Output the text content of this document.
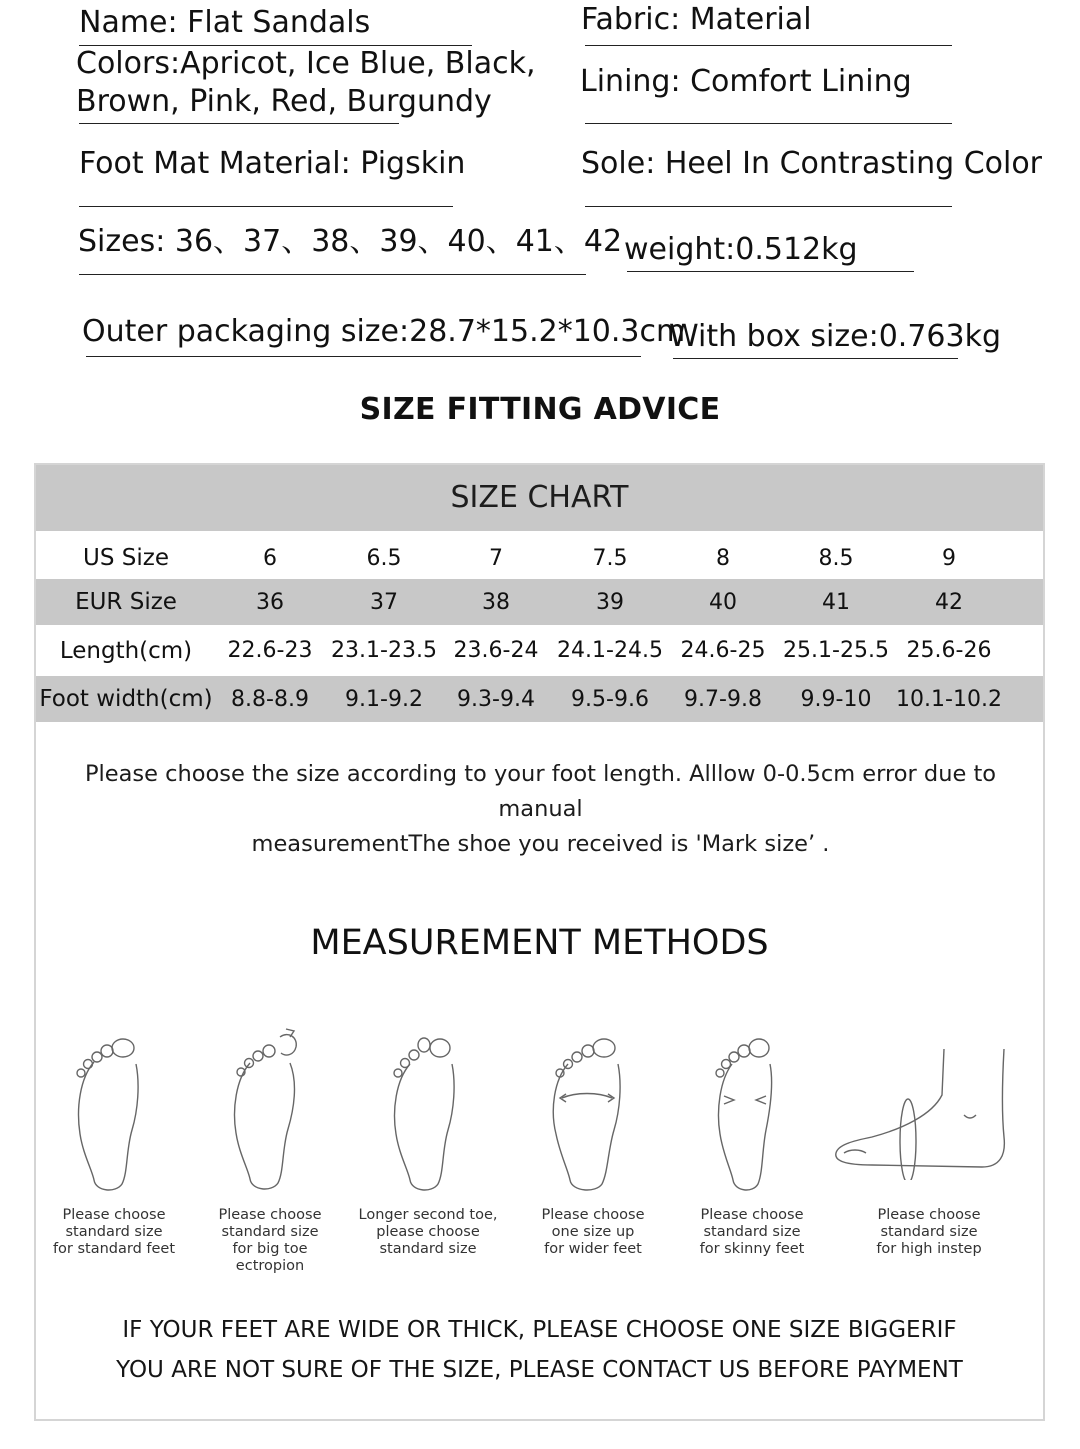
Name: Flat Sandals	Fabric: Material
Colors:Apricot, Ice Blue, Black,
Brown, Pink, Red, Burgundy
Lining: Comfort Lining
Foot Mat Material: Pigskin	Sole: Heel In Contrasting Color
Sizes: 36、37、38、39、40、41、42 weight:0.512kg
Outer packaging size:28.7*15.2*10.3cm
With box size:0.763kg
SIZE FITTING ADVICE
SIZE CHART
US Size	6	6.5	7	7.5	8	8.5	9
EUR Size	36	37	38	39	40	41	42
Length(cm)	22.6-23 23.1-23.5 23.6-24 24.1-24.5 24.6-25 25.1-25.5 25.6-26
Foot width(cm) 8.8-8.9	9.1-9.2	9.3-9.4	9.5-9.6	9.7-9.8	9.9-10	10.1-10.2
Please choose the size according to your foot length. Alllow 0-0.5cm error due to manual
measurementThe shoe you received is 'Mark size’ .
MEASUREMENT METHODS
Please choose
standard size
for standard feet
Please choose
standard size
for big toe
ectropion
Longer second toe,
please choose
standard size
Please choose
one size up
for wider feet
Please choose
standard size
for skinny feet
Please choose
standard size
for high instep
IF YOUR FEET ARE WIDE OR THICK, PLEASE CHOOSE ONE SIZE BIGGERIF
YOU ARE NOT SURE OF THE SIZE, PLEASE CONTACT US BEFORE PAYMENT
